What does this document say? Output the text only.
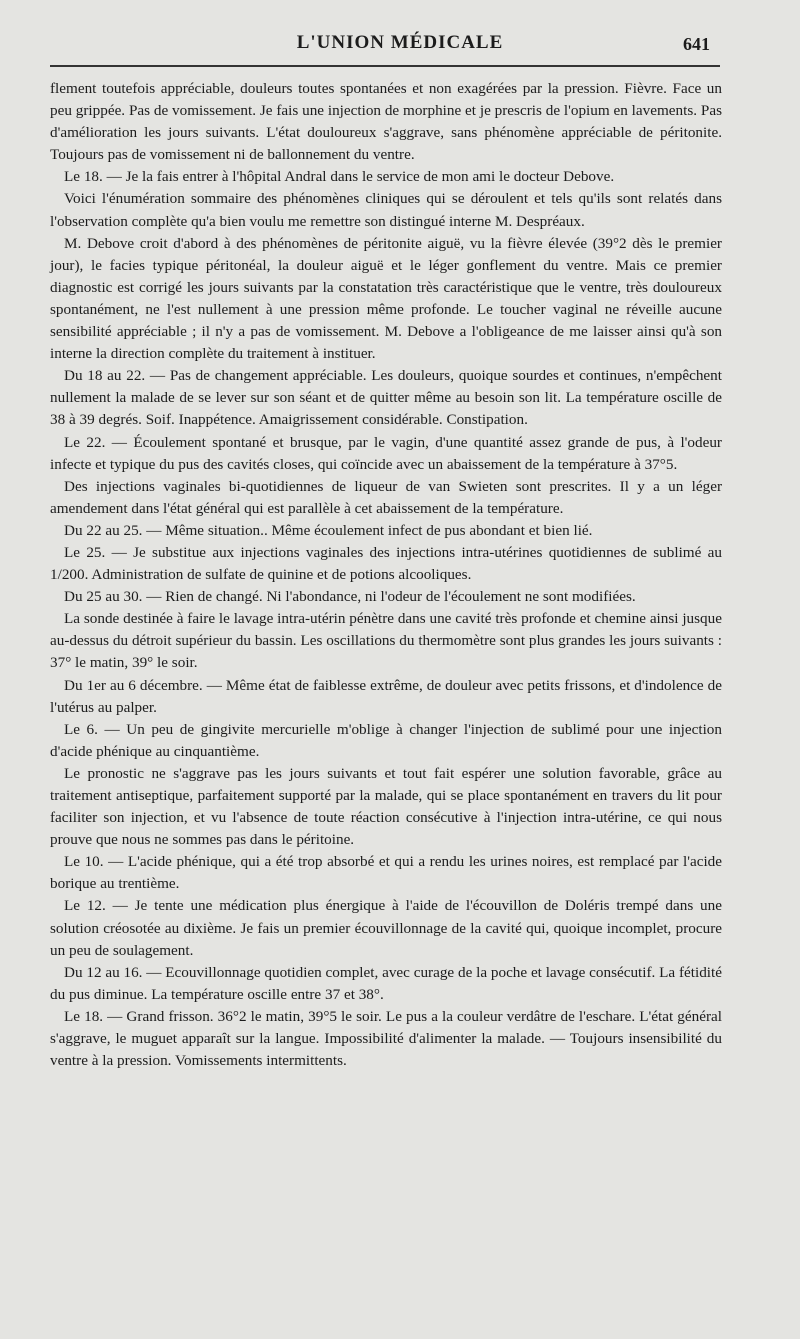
L'UNION MÉDICALE	641

flement toutefois appréciable, douleurs toutes spontanées et non exagérées par la pression. Fièvre. Face un peu grippée. Pas de vomissement. Je fais une injection de morphine et je prescris de l'opium en lavements. Pas d'amélioration les jours suivants. L'état douloureux s'aggrave, sans phénomène appréciable de péritonite. Toujours pas de vomissement ni de ballonnement du ventre.

Le 18. — Je la fais entrer à l'hôpital Andral dans le service de mon ami le docteur Debove.

Voici l'énumération sommaire des phénomènes cliniques qui se déroulent et tels qu'ils sont relatés dans l'observation complète qu'a bien voulu me remettre son distingué interne M. Despréaux.

M. Debove croit d'abord à des phénomènes de péritonite aiguë, vu la fièvre élevée (39°2 dès le premier jour), le facies typique péritonéal, la douleur aiguë et le léger gonflement du ventre. Mais ce premier diagnostic est corrigé les jours suivants par la constatation très caractéristique que le ventre, très douloureux spontanément, ne l'est nullement à une pression même profonde. Le toucher vaginal ne réveille aucune sensibilité appréciable ; il n'y a pas de vomissement. M. Debove a l'obligeance de me laisser ainsi qu'à son interne la direction complète du traitement à instituer.

Du 18 au 22. — Pas de changement appréciable. Les douleurs, quoique sourdes et continues, n'empêchent nullement la malade de se lever sur son séant et de quitter même au besoin son lit. La température oscille de 38 à 39 degrés. Soif. Inappétence. Amaigrissement considérable. Constipation.

Le 22. — Écoulement spontané et brusque, par le vagin, d'une quantité assez grande de pus, à l'odeur infecte et typique du pus des cavités closes, qui coïncide avec un abaissement de la température à 37°5.

Des injections vaginales bi-quotidiennes de liqueur de van Swieten sont prescrites. Il y a un léger amendement dans l'état général qui est parallèle à cet abaissement de la température.

Du 22 au 25. — Même situation.. Même écoulement infect de pus abondant et bien lié.

Le 25. — Je substitue aux injections vaginales des injections intra-utérines quotidiennes de sublimé au 1/200. Administration de sulfate de quinine et de potions alcooliques.

Du 25 au 30. — Rien de changé. Ni l'abondance, ni l'odeur de l'écoulement ne sont modifiées.

La sonde destinée à faire le lavage intra-utérin pénètre dans une cavité très profonde et chemine ainsi jusque au-dessus du détroit supérieur du bassin. Les oscillations du thermomètre sont plus grandes les jours suivants : 37° le matin, 39° le soir.

Du 1er au 6 décembre. — Même état de faiblesse extrême, de douleur avec petits frissons, et d'indolence de l'utérus au palper.

Le 6. — Un peu de gingivite mercurielle m'oblige à changer l'injection de sublimé pour une injection d'acide phénique au cinquantième.

Le pronostic ne s'aggrave pas les jours suivants et tout fait espérer une solution favorable, grâce au traitement antiseptique, parfaitement supporté par la malade, qui se place spontanément en travers du lit pour faciliter son injection, et vu l'absence de toute réaction consécutive à l'injection intra-utérine, ce qui nous prouve que nous ne sommes pas dans le péritoine.

Le 10. — L'acide phénique, qui a été trop absorbé et qui a rendu les urines noires, est remplacé par l'acide borique au trentième.

Le 12. — Je tente une médication plus énergique à l'aide de l'écouvillon de Doléris trempé dans une solution créosotée au dixième. Je fais un premier écouvillonnage de la cavité qui, quoique incomplet, procure un peu de soulagement.

Du 12 au 16. — Ecouvillonnage quotidien complet, avec curage de la poche et lavage consécutif. La fétidité du pus diminue. La température oscille entre 37 et 38°.

Le 18. — Grand frisson. 36°2 le matin, 39°5 le soir. Le pus a la couleur verdâtre de l'eschare. L'état général s'aggrave, le muguet apparaît sur la langue. Impossibilité d'alimenter la malade. — Toujours insensibilité du ventre à la pression. Vomissements intermittents.
